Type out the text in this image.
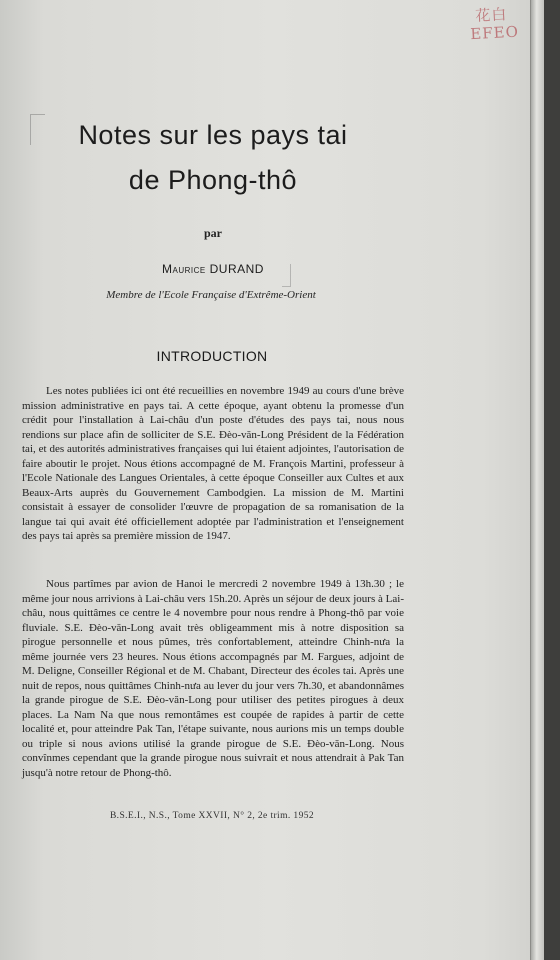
花白
EFEO
Notes sur les pays tai
de Phong-thô
par
Maurice DURAND
Membre de l'Ecole Française d'Extrême-Orient
INTRODUCTION

Les notes publiées ici ont été recueillies en novembre 1949 au cours d'une brève mission administrative en pays tai. A cette époque, ayant obtenu la promesse d'un crédit pour l'installation à Lai-châu d'un poste d'études des pays tai, nous nous rendions sur place afin de solliciter de S.E. Đèo-văn-Long Président de la Fédération tai, et des autorités administratives françaises qui lui étaient adjointes, l'autorisation de faire aboutir le projet. Nous étions accompagné de M. François Martini, professeur à l'Ecole Nationale des Langues Orientales, à cette époque Conseiller aux Cultes et aux Beaux-Arts auprès du Gouvernement Cambodgien. La mission de M. Martini consistait à essayer de consolider l'œuvre de propagation de sa romanisation de la langue tai qui avait été officiellement adoptée par l'administration et l'enseignement des pays tai après sa première mission de 1947.

Nous partîmes par avion de Hanoi le mercredi 2 novembre 1949 à 13h.30 ; le même jour nous arrivions à Lai-châu vers 15h.20. Après un séjour de deux jours à Lai-châu, nous quittâmes ce centre le 4 novembre pour nous rendre à Phong-thô par voie fluviale. S.E. Đèo-văn-Long avait très obligeamment mis à notre disposition sa pirogue personnelle et nous pûmes, très confortablement, atteindre Chinh-nưa la même journée vers 23 heures. Nous étions accompagnés par M. Fargues, adjoint de M. Deligne, Conseiller Régional et de M. Chabant, Directeur des écoles tai. Après une nuit de repos, nous quittâmes Chinh-nưa au lever du jour vers 7h.30, et abandonnâmes la grande pirogue de S.E. Đèo-văn-Long pour utiliser des petites pirogues à deux places. La Nam Na que nous remontâmes est coupée de rapides à partir de cette localité et, pour atteindre Pak Tan, l'étape suivante, nous aurions mis un temps double ou triple si nous avions utilisé la grande pirogue de S.E. Đèo-văn-Long. Nous convînmes cependant que la grande pirogue nous suivrait et nous attendrait à Pak Tan jusqu'à notre retour de Phong-thô.

B.S.E.I., N.S., Tome XXVII, N° 2, 2e trim. 1952
